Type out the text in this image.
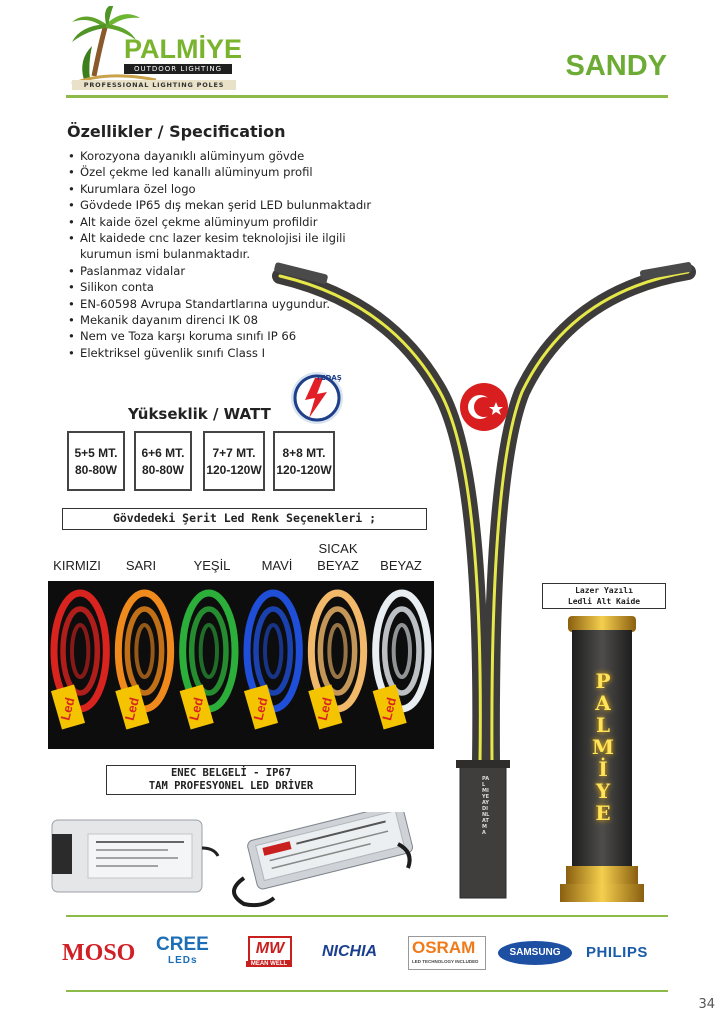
PALMİYE
OUTDOOR LIGHTING
PROFESSIONAL LIGHTING POLES
SANDY
Özellikler / Specification
• Korozyona dayanıklı alüminyum gövde
• Özel çekme led kanallı alüminyum profil
• Kurumlara özel logo
• Gövdede IP65 dış mekan şerid LED bulunmaktadır
• Alt kaide özel çekme alüminyum profildir
• Alt kaidede cnc lazer kesim teknolojisi ile ilgili kurumun ismi bulanmaktadır.
• Paslanmaz vidalar
• Silikon conta
• EN-60598 Avrupa Standartlarına uygundur.
• Mekanik dayanım direnci IK 08
• Nem ve Toza karşı koruma sınıfı IP 66
• Elektriksel güvenlik sınıfı Class I
TEDAŞ
Yükseklik / WATT
5+5 MT.
80-80W
6+6 MT.
80-80W
7+7 MT.
120-120W
8+8 MT.
120-120W
Gövdedeki Şerit Led Renk Seçenekleri ;
KIRMIZI	SARI	YEŞİL	MAVİ
SICAK BEYAZ	BEYAZ
Led	Led	Led	Led	Led	Led
ENEC BELGELİ - IP67
TAM PROFESYONEL LED DRİVER
PALMIYE AYDINLATMA
Lazer Yazılı
Ledli Alt Kaide
P
A
L
M
İ
Y
E
MOSO CREE
LEDs
MW
MEAN WELL
NICHIA OSRAM
LED TECHNOLOGY INCLUDED
SAMSUNG	PHILIPS
34
